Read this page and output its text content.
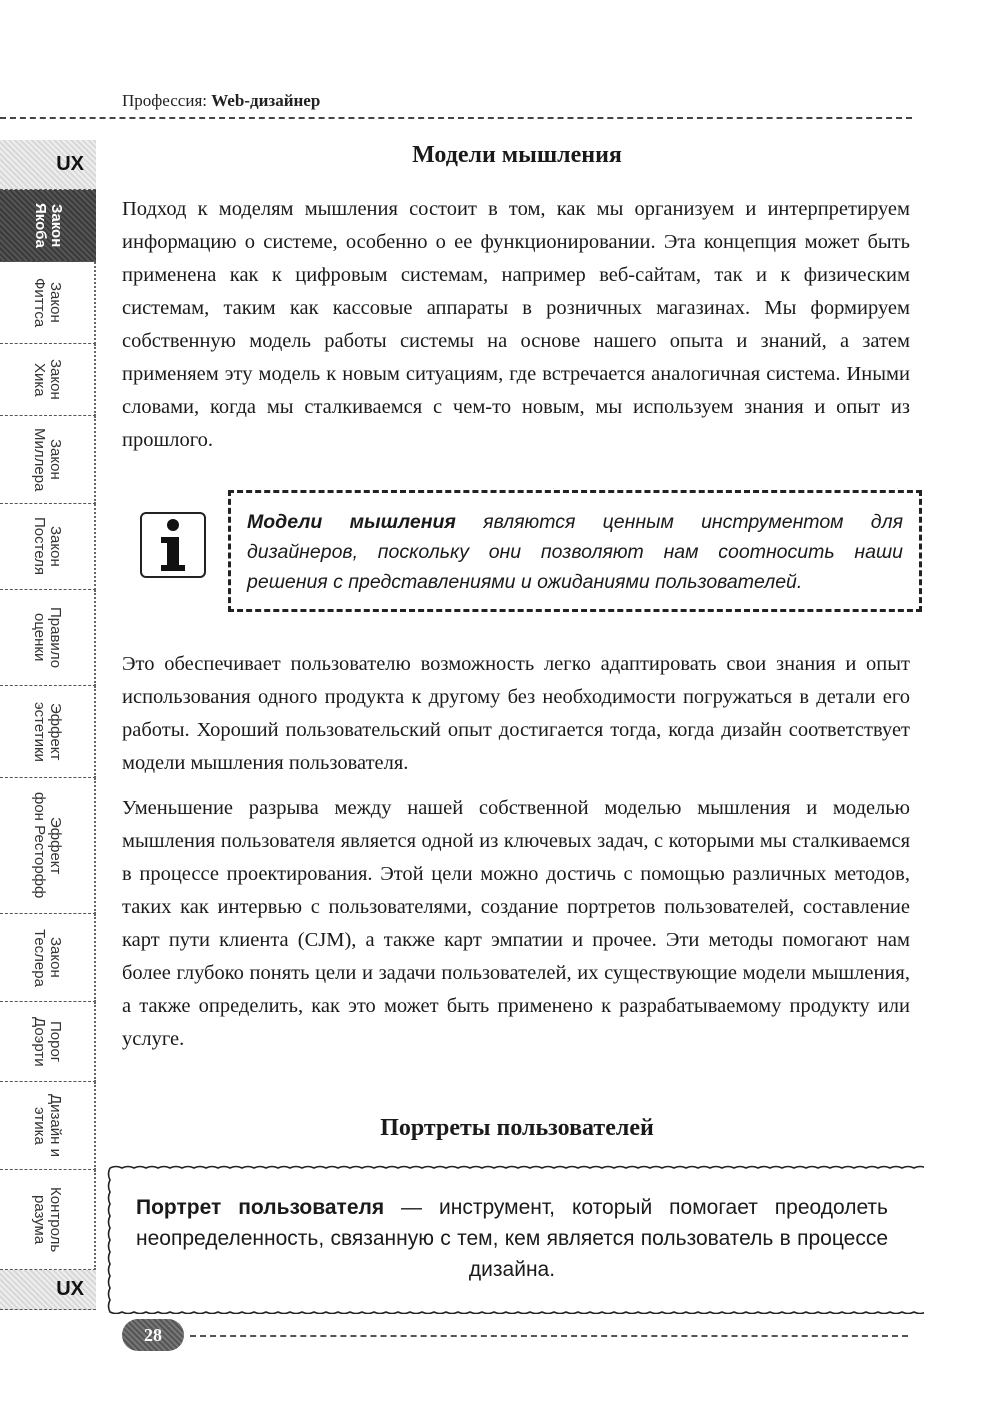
Профессия: Web-дизайнер
UX
Закон
Якоба
Закон
Фиттса
Закон
Хика
Закон
Миллера
Закон
Постеля
Правило
оценки
Эффект
эстетики
Эффект
фон Ресторфф
Закон
Теслера
Порог
Доэрти
Дизайн и
этика
Контроль
разума
UX
Модели мышления

Подход к моделям мышления состоит в том, как мы организуем и интерпретируем информацию о системе, особенно о ее функционировании. Эта концепция может быть применена как к цифровым системам, например веб-сайтам, так и к физическим системам, таким как кассовые аппараты в розничных магазинах. Мы формируем собственную модель работы системы на основе нашего опыта и знаний, а затем применяем эту модель к новым ситуациям, где встречается аналогичная система. Иными словами, когда мы сталкиваемся с чем-то новым, мы используем знания и опыт из прошлого.

Модели мышления являются ценным инструментом для дизайнеров, поскольку они позволяют нам соотносить наши решения с представлениями и ожиданиями пользователей.

Это обеспечивает пользователю возможность легко адаптировать свои знания и опыт использования одного продукта к другому без необходимости погружаться в детали его работы. Хороший пользовательский опыт достигается тогда, когда дизайн соответствует модели мышления пользователя.

Уменьшение разрыва между нашей собственной моделью мышления и моделью мышления пользователя является одной из ключевых задач, с которыми мы сталкиваемся в процессе проектирования. Этой цели можно достичь с помощью различных методов, таких как интервью с пользователями, создание портретов пользователей, составление карт пути клиента (CJM), а также карт эмпатии и прочее. Эти методы помогают нам более глубоко понять цели и задачи пользователей, их существующие модели мышления, а также определить, как это может быть применено к разрабатываемому продукту или услуге.

Портреты пользователей
Портрет пользователя — инструмент, который помогает преодолеть неопределенность, связанную с тем, кем является пользователь в процессе дизайна.
28
